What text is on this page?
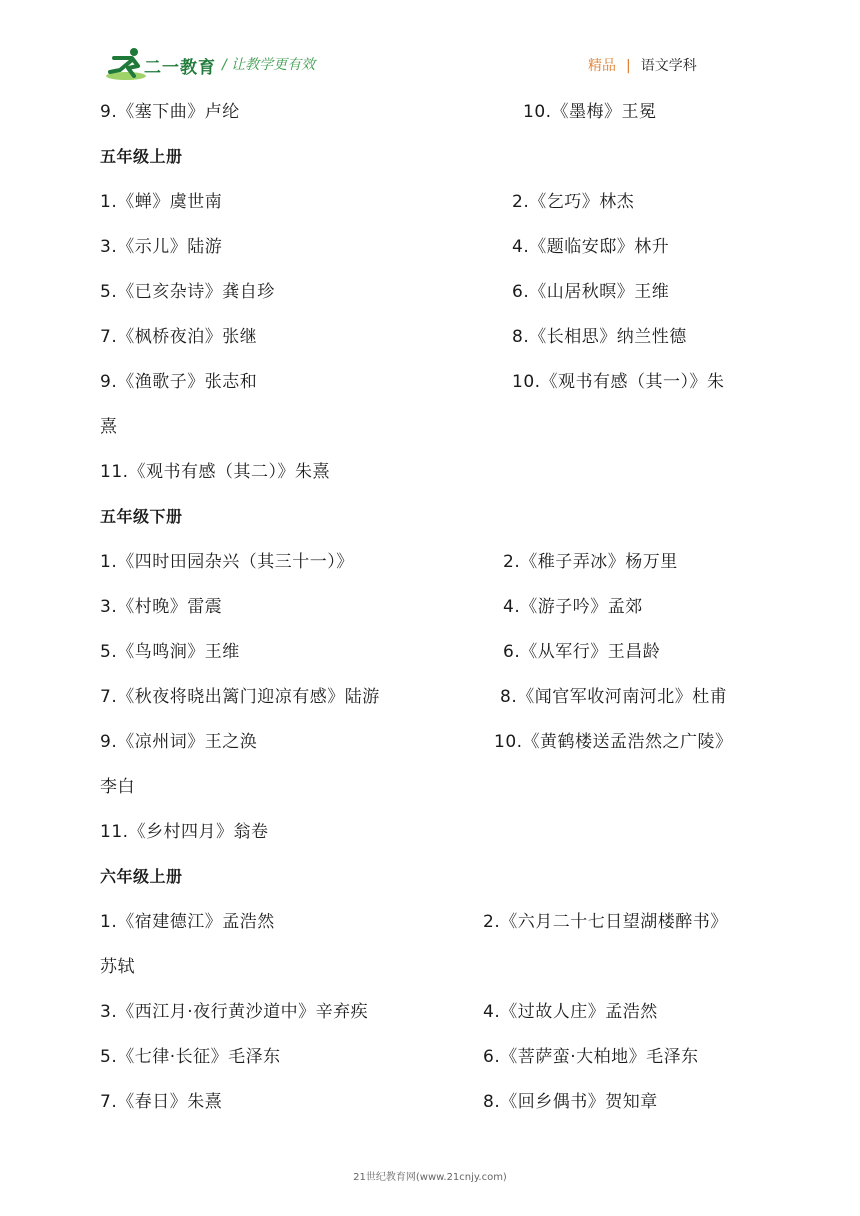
二一教育 / 让教学更有效	精品 | 语文学科
9.《塞下曲》卢纶	10.《墨梅》王冕
五年级上册
1.《蝉》虞世南	2.《乞巧》林杰
3.《示儿》陆游	4.《题临安邸》林升
5.《已亥杂诗》龚自珍	6.《山居秋暝》王维
7.《枫桥夜泊》张继	8.《长相思》纳兰性德
9.《渔歌子》张志和	10.《观书有感（其一）》朱
熹
11.《观书有感（其二）》朱熹
五年级下册
1.《四时田园杂兴（其三十一）》	2.《稚子弄冰》杨万里
3.《村晚》雷震	4.《游子吟》孟郊
5.《鸟鸣涧》王维	6.《从军行》王昌龄
7.《秋夜将晓出篱门迎凉有感》陆游	8.《闻官军收河南河北》杜甫
9.《凉州词》王之涣	10.《黄鹤楼送孟浩然之广陵》
李白
11.《乡村四月》翁卷
六年级上册
1.《宿建德江》孟浩然	2.《六月二十七日望湖楼醉书》
苏轼
3.《西江月·夜行黄沙道中》辛弃疾	4.《过故人庄》孟浩然
5.《七律·长征》毛泽东	6.《菩萨蛮·大柏地》毛泽东
7.《春日》朱熹	8.《回乡偶书》贺知章
21世纪教育网(www.21cnjy.com)
